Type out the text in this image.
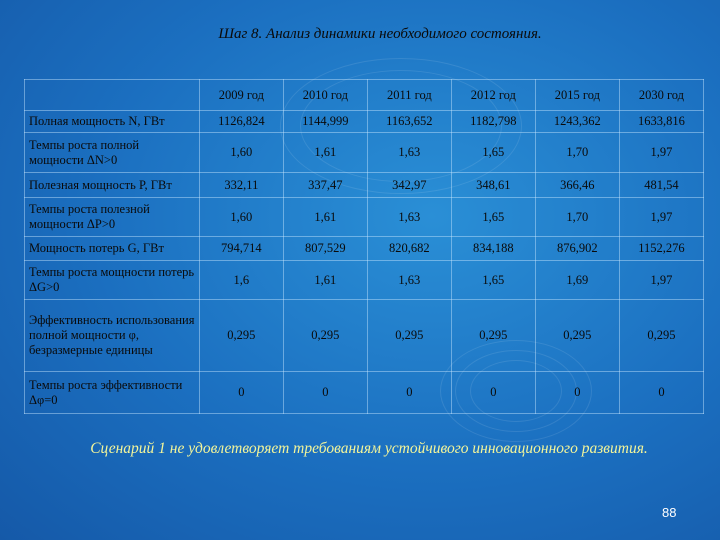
Шаг 8. Анализ динамики необходимого состояния.
	2009 год	2010 год	2011 год	2012 год	2015 год	2030 год
Полная мощность N, ГВт	1126,824	1144,999	1163,652	1182,798	1243,362	1633,816
Темпы роста полной мощности ΔN>0	1,60	1,61	1,63	1,65	1,70	1,97
Полезная мощность P, ГВт	332,11	337,47	342,97	348,61	366,46	481,54
Темпы роста полезной мощности ΔP>0	1,60	1,61	1,63	1,65	1,70	1,97
Мощность потерь G, ГВт	794,714	807,529	820,682	834,188	876,902	1152,276
Темпы роста мощности потерь ΔG>0	1,6	1,61	1,63	1,65	1,69	1,97
Эффективность использования полной мощности φ, безразмерные единицы	0,295	0,295	0,295	0,295	0,295	0,295
Темпы роста эффективности Δφ=0	0	0	0	0	0	0
Сценарий 1 не удовлетворяет требованиям устойчивого инновационного развития.
88
